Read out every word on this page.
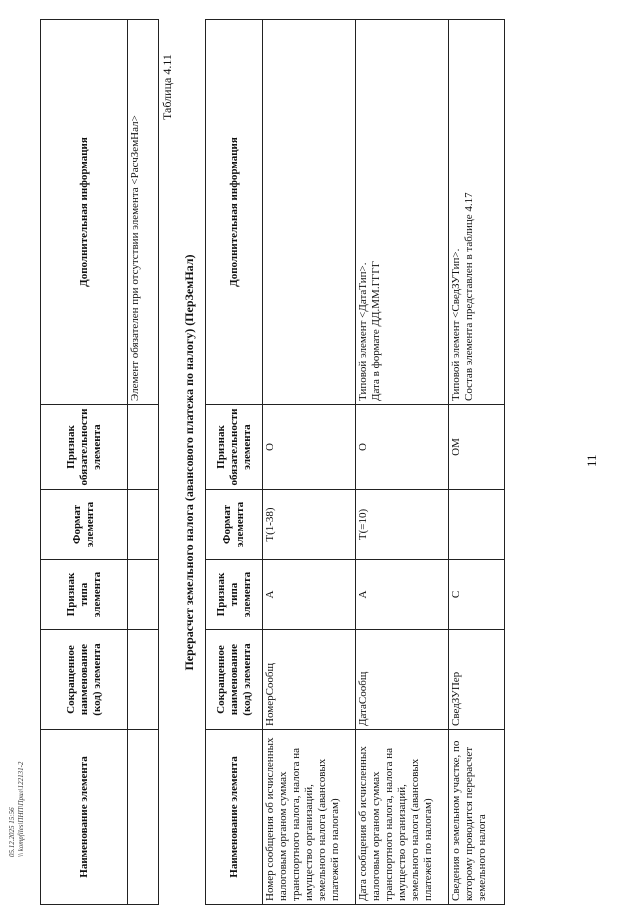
05.12.2025 15:56 \\ kompfiles\ПНП\Прил\122131-2	Наименование элемента	Сокращенное наименование (код) элемента	Признак типа элемента	Формат элемента	Признак обязательности элемента	Дополнительная информация
					Элемент обязателен при отсутствии элемента <РасчЗемНал>
Таблица 4.11
Перерасчет земельного налога (авансового платежа по налогу) (ПерЗемНал)
Наименование элемента	Сокращенное наименование (код) элемента	Признак типа элемента	Формат элемента	Признак обязательности элемента	Дополнительная информация
Номер сообщения об исчисленных налоговым органом суммах транспортного налога, налога на имущество организаций, земельного налога (авансовых платежей по налогам)	НомерСообщ	А	T(1-38)	О	
Дата сообщения об исчисленных налоговым органом суммах транспортного налога, налога на имущество организаций, земельного налога (авансовых платежей по налогам)	ДатаСообщ	А	T(=10)	О	Типовой элемент <ДатаТип>.
Дата в формате ДД.ММ.ГГГГ
Сведения о земельном участке, по которому проводится перерасчет земельного налога	СведЗУПер	С		ОМ	Типовой элемент <СведЗУТип>.
Состав элемента представлен в таблице 4.17
11
